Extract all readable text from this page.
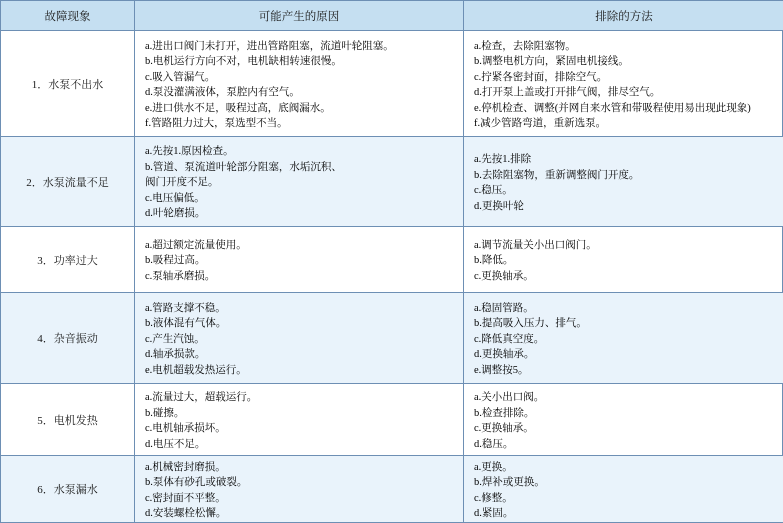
故障现象	可能产生的原因	排除的方法
1．水泵不出水
a.进出口阀门未打开，进出管路阻塞，流道叶轮阻塞。
b.电机运行方向不对，电机缺相转速很慢。
c.吸入管漏气。
d.泵没灌满液体，泵腔内有空气。
e.进口供水不足，吸程过高，底阀漏水。
f.管路阻力过大，泵选型不当。
a.检查，去除阻塞物。
b.调整电机方向，紧固电机接线。
c.拧紧各密封面，排除空气。
d.打开泵上盖或打开排气阀，排尽空气。
e.停机检查、调整(并网自来水管和带吸程使用易出现此现象)
f.减少管路弯道，重新选泵。
2．水泵流量不足
a.先按1.原因检查。
b.管道、泵流道叶轮部分阻塞，水垢沉积、
阀门开度不足。
c.电压偏低。
d.叶轮磨损。
a.先按1.排除
b.去除阻塞物，重新调整阀门开度。
c.稳压。
d.更换叶轮
3．功率过大
a.超过额定流量使用。
b.吸程过高。
c.泵轴承磨损。
a.调节流量关小出口阀门。
b.降低。
c.更换轴承。
4．杂音振动
a.管路支撑不稳。
b.液体混有气体。
c.产生汽蚀。
d.轴承损款。
e.电机超载发热运行。
a.稳固管路。
b.提高吸入压力、排气。
c.降低真空度。
d.更换轴承。
e.调整按5。
5．电机发热
a.流量过大，超载运行。
b.碰擦。
c.电机轴承损坏。
d.电压不足。
a.关小出口阀。
b.检查排除。
c.更换轴承。
d.稳压。
6．水泵漏水
a.机械密封磨损。
b.泵体有砂孔或破裂。
c.密封面不平整。
d.安装螺栓松懈。
a.更换。
b.焊补或更换。
c.修整。
d.紧固。
